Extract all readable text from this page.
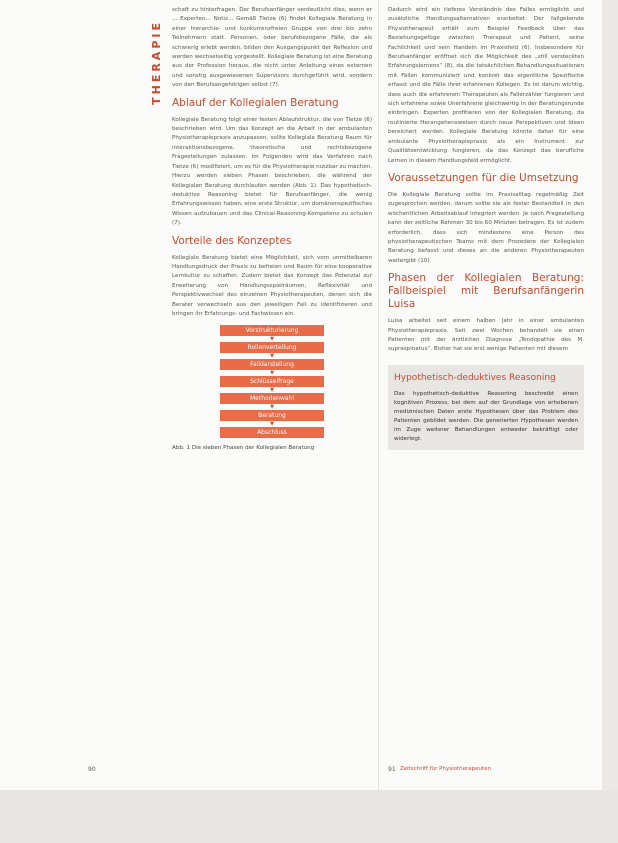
THERAPIE

schaft zu hinterfragen. Der Berufsanfänger verdeutlicht dies, wenn er ... Experten... Notiz... Gemäß Tietze (6) findet Kollegiale Beratung in einer hierarchie- und konkurrenzfreien Gruppe von drei bis zehn Teilnehmern statt. Personen, oder berufsbezogene Fälle, die als schwierig erlebt werden, bilden den Ausgangspunkt der Reflexion und werden wechselseitig vorgestellt. Kollegiale Beratung ist eine Beratung aus der Profession heraus, die nicht unter Anleitung eines externen und sonstig ausgewiesenen Supervisors durchgeführt wird, sondern von den Berufsangehörigen selbst (7).

Ablauf der Kollegialen Beratung

Kollegiale Beratung folgt einer festen Ablaufstruktur, die von Tietze (6) beschrieben wird. Um das Konzept an die Arbeit in der ambulanten Physiotherapiepraxis anzupassen, sollte Kollegiale Beratung Raum für interaktionsbezogene, theoretische und rechtsbezogene Fragestellungen zulassen. Im Folgenden wird das Verfahren nach Tietze (6) modifiziert, um es für die Physiotherapie nutzbar zu machen. Hierzu werden sieben Phasen beschrieben, die während der Kollegialen Beratung durchlaufen werden (Abb. 1). Das hypothetisch-deduktive Reasoning bietet für Berufsanfänger, die wenig Erfahrungswissen haben, eine erste Struktur, um domänenspezifisches Wissen aufzubauen und das Clinical-Reasoning-Kompetenz zu schulen (7).

Vorteile des Konzeptes

Kollegiale Beratung bietet eine Möglichkeit, sich vom unmittelbaren Handlungsdruck der Praxis zu befreien und Raum für eine kooperative Lernkultur zu schaffen. Zudem bietet das Konzept das Potenzial zur Erweiterung von Handlungsspielräumen, Reflexivität und Perspektivwechsel des einzelnen Physiotherapeuten, denen sich die Berater verwechseln aus den jeweiligen Fall zu identifizieren und bringen ihr Erfahrungs- und Fachwissen ein.

Vorstrukturierung
▼
Rollenverteilung
▼
Falldarstellung
▼
Schlüsselfrage
▼
Methodenwahl
▼
Beratung
▼
Abschluss
Abb. 1 Die sieben Phasen der Kollegialen Beratung

Dadurch wird ein tieferes Verständnis des Falles ermöglicht und zusätzliche Handlungsalternativen erarbeitet. Der fallgebende Physiotherapeut erhält zum Beispiel Feedback über das Beziehungsgefüge zwischen Therapeut und Patient, seine Fachlichkeit und sein Handeln im Praxisfeld (6). Insbesondere für Berufsanfänger eröffnet sich die Möglichkeit des „still versteckten Erfahrungslernens“ (8), da die tatsächlichen Behandlungssituationen mit Fällen kommuniziert und konkret das eigentliche Spezifische erfasst und die Fälle ihrer erfahrenen Kollegen. Es ist darum wichtig, dass auch die erfahrenen Therapeuten als Fallerzähler fungieren und sich erfahrene sowie Unerfahrene gleichwertig in der Beratungsrunde einbringen. Experten profitieren von der Kollegialen Beratung, da routinierte Herangehensweisen durch neue Perspektiven und Ideen bereichert werden. Kollegiale Beratung könnte daher für eine ambulante Physiotherapiepraxis als ein Instrument zur Qualitätsentwicklung fungieren, da das Konzept das berufliche Lernen in diesem Handlungsfeld ermöglicht.

Voraussetzungen für die Umsetzung

Die Kollegiale Beratung sollte im Praxisalltag regelmäßig Zeit zugesprochen werden, darum sollte sie als fester Bestandteil in den wöchentlichen Arbeitsablauf integriert werden. Je nach Fragestellung kann der zeitliche Rahmen 30 bis 60 Minuten betragen. Es ist zudem erforderlich, dass sich mindestens eine Person des physiotherapeutischen Teams mit dem Prozedere der Kollegialen Beratung befasst und dieses an die anderen Physiotherapeuten weitergibt (10).

Phasen der Kollegialen Beratung: Fallbeispiel mit Berufsanfängerin Luisa

Luisa arbeitet seit einem halben Jahr in einer ambulanten Physiotherapiepraxis. Seit zwei Wochen behandelt sie einen Patienten mit der ärztlichen Diagnose „Tendopathie des M. supraspinatus“. Bisher hat sie erst wenige Patienten mit diesem

Hypothetisch-deduktives Reasoning

Das hypothetisch-deduktive Reasoning beschreibt einen kognitiven Prozess, bei dem auf der Grundlage von erhobenen medizinischen Daten erste Hypothesen über das Problem des Patienten gebildet werden. Die generierten Hypothesen werden im Zuge weiterer Behandlungen entweder bekräftigt oder widerlegt.

90	91 Zeitschrift für Physiotherapeuten
